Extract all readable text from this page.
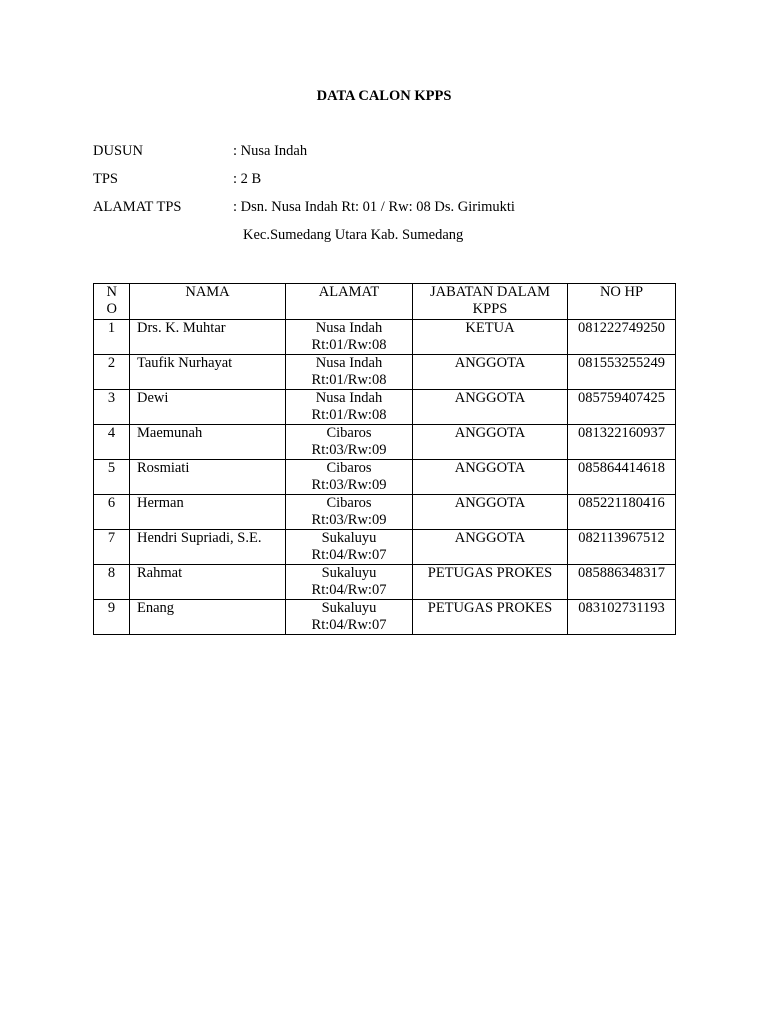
DATA CALON KPPS
DUSUN	: Nusa Indah
TPS	: 2 B
ALAMAT TPS	: Dsn. Nusa Indah Rt: 01 / Rw: 08 Ds. Girimukti
Kec.Sumedang Utara Kab. Sumedang
NO	NAMA	ALAMAT	JABATAN DALAM KPPS	NO HP

1	Drs. K. Muhtar	Nusa Indah
Rt:01/Rw:08	KETUA	081222749250

2	Taufik Nurhayat	Nusa Indah
Rt:01/Rw:08	ANGGOTA	081553255249

3	Dewi	Nusa Indah
Rt:01/Rw:08	ANGGOTA	085759407425

4	Maemunah	Cibaros
Rt:03/Rw:09	ANGGOTA	081322160937

5	Rosmiati	Cibaros
Rt:03/Rw:09	ANGGOTA	085864414618

6	Herman	Cibaros
Rt:03/Rw:09	ANGGOTA	085221180416

7	Hendri Supriadi, S.E.	Sukaluyu
Rt:04/Rw:07	ANGGOTA	082113967512

8	Rahmat	Sukaluyu
Rt:04/Rw:07	PETUGAS PROKES	085886348317

9	Enang	Sukaluyu
Rt:04/Rw:07	PETUGAS PROKES	083102731193
